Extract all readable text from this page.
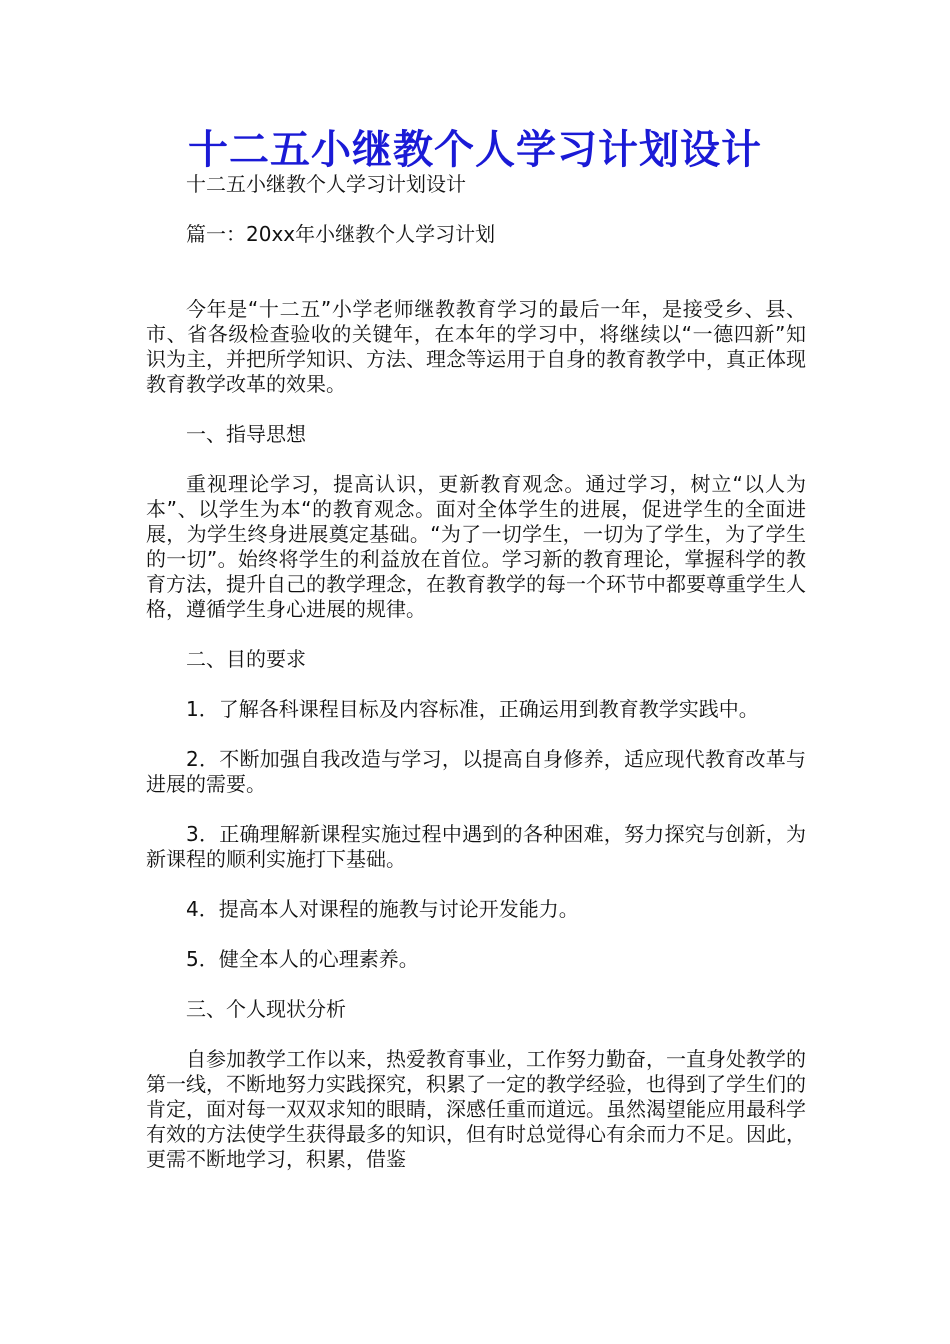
十二五小继教个人学习计划设计

十二五小继教个人学习计划设计

篇一：20xx年小继教个人学习计划

今年是“十二五”小学老师继教教育学习的最后一年，是接受乡、县、市、省各级检查验收的关键年，在本年的学习中，将继续以“一德四新”知识为主，并把所学知识、方法、理念等运用于自身的教育教学中，真正体现教育教学改革的效果。

一、指导思想

重视理论学习，提高认识，更新教育观念。通过学习，树立“以人为本”、以学生为本“的教育观念。面对全体学生的进展，促进学生的全面进展，为学生终身进展奠定基础。“为了一切学生，一切为了学生，为了学生的一切”。始终将学生的利益放在首位。学习新的教育理论，掌握科学的教育方法，提升自己的教学理念，在教育教学的每一个环节中都要尊重学生人格，遵循学生身心进展的规律。

二、目的要求

1．了解各科课程目标及内容标准，正确运用到教育教学实践中。

2．不断加强自我改造与学习，以提高自身修养，适应现代教育改革与进展的需要。

3．正确理解新课程实施过程中遇到的各种困难，努力探究与创新，为新课程的顺利实施打下基础。

4．提高本人对课程的施教与讨论开发能力。

5．健全本人的心理素养。

三、个人现状分析

自参加教学工作以来，热爱教育事业，工作努力勤奋，一直身处教学的第一线，不断地努力实践探究，积累了一定的教学经验，也得到了学生们的肯定，面对每一双双求知的眼睛，深感任重而道远。虽然渴望能应用最科学有效的方法使学生获得最多的知识，但有时总觉得心有余而力不足。因此，更需不断地学习，积累，借鉴
